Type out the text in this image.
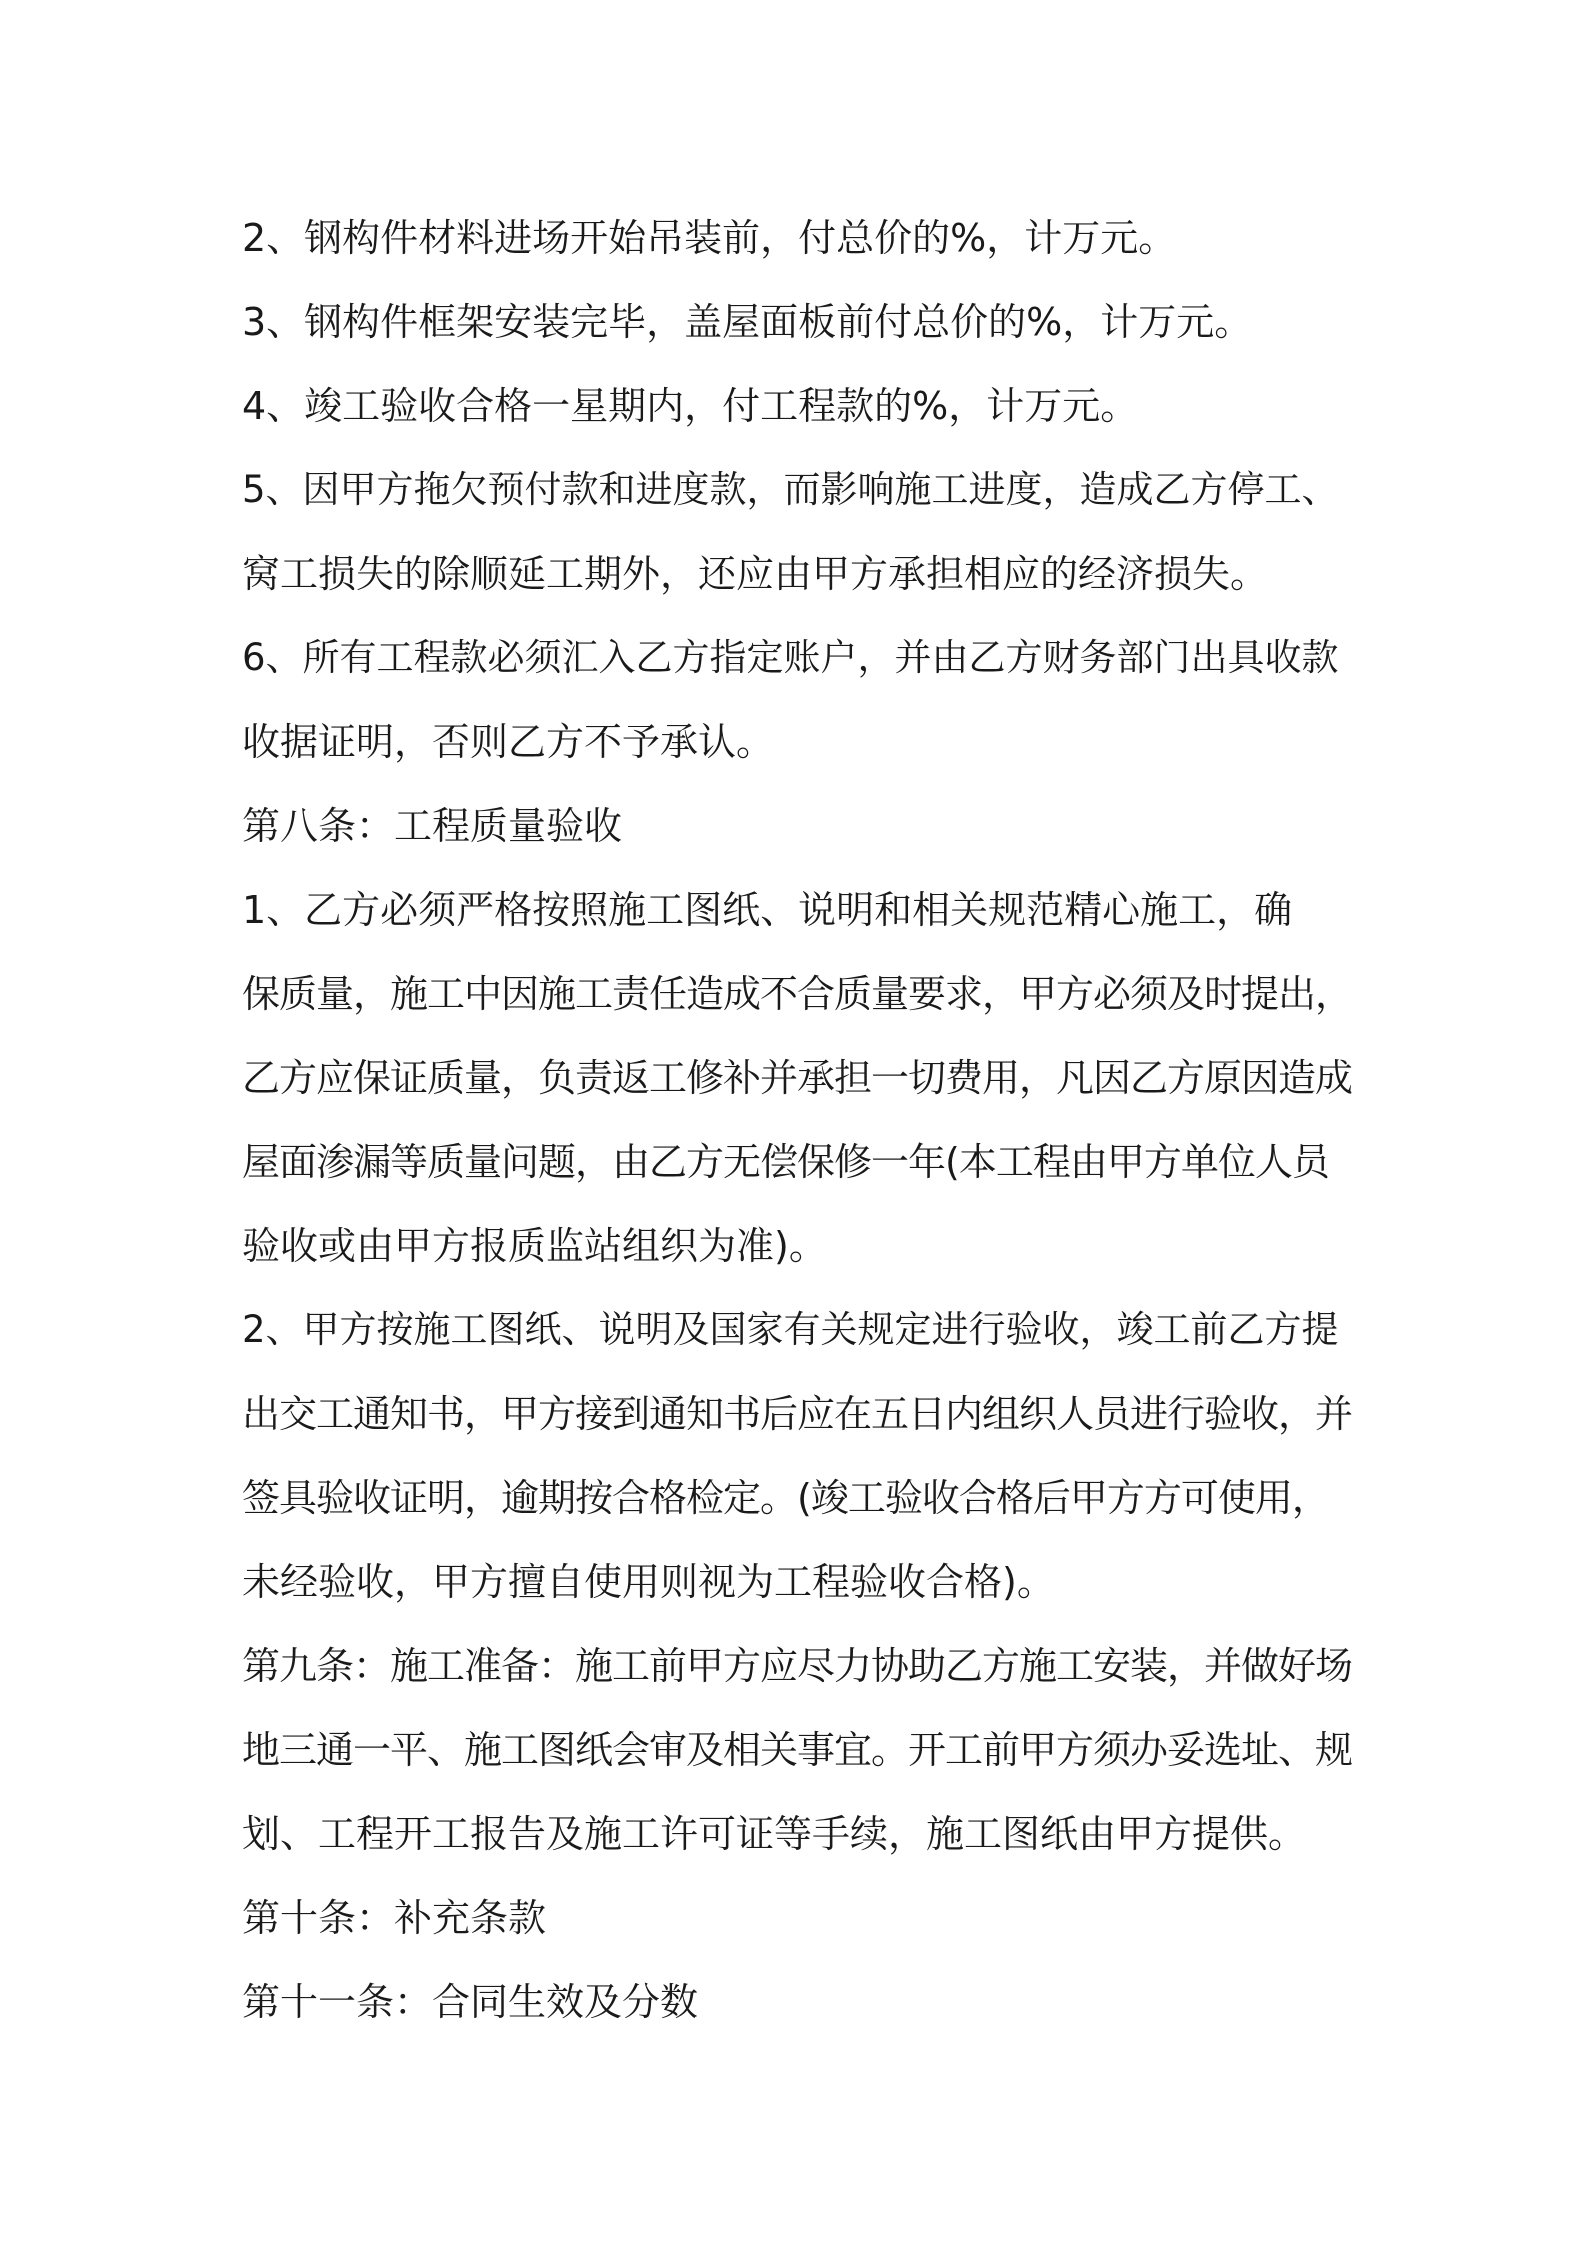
2、钢构件材料进场开始吊装前，付总价的%，计万元。
3、钢构件框架安装完毕，盖屋面板前付总价的%，计万元。
4、竣工验收合格一星期内，付工程款的%，计万元。
5、因甲方拖欠预付款和进度款，而影响施工进度，造成乙方停工、
窝工损失的除顺延工期外，还应由甲方承担相应的经济损失。
6、所有工程款必须汇入乙方指定账户，并由乙方财务部门出具收款
收据证明，否则乙方不予承认。
第八条：工程质量验收
1、乙方必须严格按照施工图纸、说明和相关规范精心施工，确
保质量，施工中因施工责任造成不合质量要求，甲方必须及时提出，
乙方应保证质量，负责返工修补并承担一切费用，凡因乙方原因造成
屋面渗漏等质量问题，由乙方无偿保修一年(本工程由甲方单位人员
验收或由甲方报质监站组织为准)。
2、甲方按施工图纸、说明及国家有关规定进行验收，竣工前乙方提
出交工通知书，甲方接到通知书后应在五日内组织人员进行验收，并
签具验收证明，逾期按合格检定。(竣工验收合格后甲方方可使用，
未经验收，甲方擅自使用则视为工程验收合格)。
第九条：施工准备：施工前甲方应尽力协助乙方施工安装，并做好场
地三通一平、施工图纸会审及相关事宜。开工前甲方须办妥选址、规
划、工程开工报告及施工许可证等手续，施工图纸由甲方提供。
第十条：补充条款
第十一条：合同生效及分数
